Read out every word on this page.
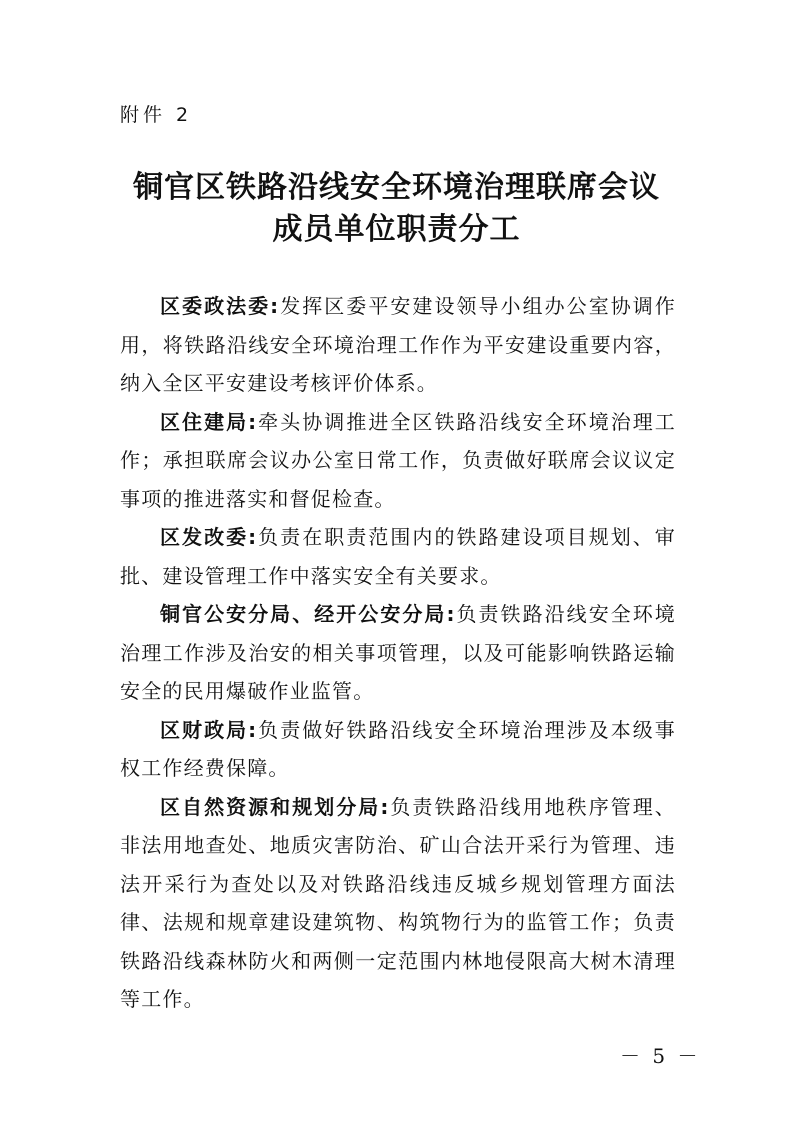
附件 2
铜官区铁路沿线安全环境治理联席会议
成员单位职责分工

区委政法委:发挥区委平安建设领导小组办公室协调作用，将铁路沿线安全环境治理工作作为平安建设重要内容，纳入全区平安建设考核评价体系。

区住建局:牵头协调推进全区铁路沿线安全环境治理工作；承担联席会议办公室日常工作，负责做好联席会议议定事项的推进落实和督促检查。

区发改委:负责在职责范围内的铁路建设项目规划、审批、建设管理工作中落实安全有关要求。

铜官公安分局、经开公安分局:负责铁路沿线安全环境治理工作涉及治安的相关事项管理，以及可能影响铁路运输安全的民用爆破作业监管。

区财政局:负责做好铁路沿线安全环境治理涉及本级事权工作经费保障。

区自然资源和规划分局:负责铁路沿线用地秩序管理、非法用地查处、地质灾害防治、矿山合法开采行为管理、违法开采行为查处以及对铁路沿线违反城乡规划管理方面法律、法规和规章建设建筑物、构筑物行为的监管工作；负责铁路沿线森林防火和两侧一定范围内林地侵限高大树木清理等工作。

－ 5 －
